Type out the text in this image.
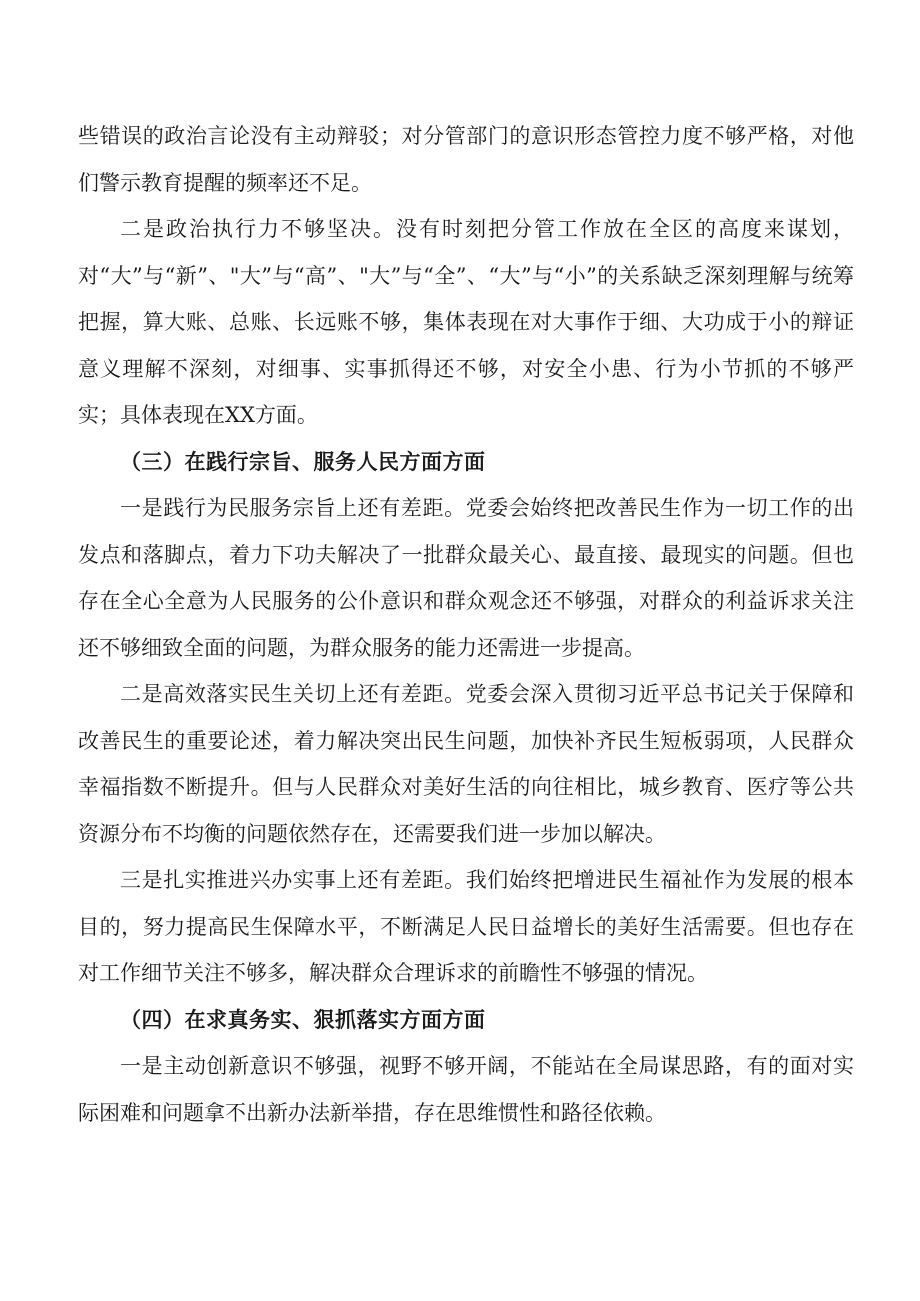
些错误的政治言论没有主动辩驳；对分管部门的意识形态管控力度不够严格，对他们警示教育提醒的频率还不足。

二是政治执行力不够坚决。没有时刻把分管工作放在全区的高度来谋划，对“大”与“新”、"大”与“高”、"大”与“全”、“大”与“小”的关系缺乏深刻理解与统筹把握，算大账、总账、长远账不够，集体表现在对大事作于细、大功成于小的辩证意义理解不深刻，对细事、实事抓得还不够，对安全小患、行为小节抓的不够严实；具体表现在XX方面。

（三）在践行宗旨、服务人民方面方面

一是践行为民服务宗旨上还有差距。党委会始终把改善民生作为一切工作的出发点和落脚点，着力下功夫解决了一批群众最关心、最直接、最现实的问题。但也存在全心全意为人民服务的公仆意识和群众观念还不够强，对群众的利益诉求关注还不够细致全面的问题，为群众服务的能力还需进一步提高。

二是高效落实民生关切上还有差距。党委会深入贯彻习近平总书记关于保障和改善民生的重要论述，着力解决突出民生问题，加快补齐民生短板弱项，人民群众幸福指数不断提升。但与人民群众对美好生活的向往相比，城乡教育、医疗等公共资源分布不均衡的问题依然存在，还需要我们进一步加以解决。

三是扎实推进兴办实事上还有差距。我们始终把增进民生福祉作为发展的根本目的，努力提高民生保障水平，不断满足人民日益增长的美好生活需要。但也存在对工作细节关注不够多，解决群众合理诉求的前瞻性不够强的情况。

（四）在求真务实、狠抓落实方面方面

一是主动创新意识不够强，视野不够开阔，不能站在全局谋思路，有的面对实际困难和问题拿不出新办法新举措，存在思维惯性和路径依赖。
